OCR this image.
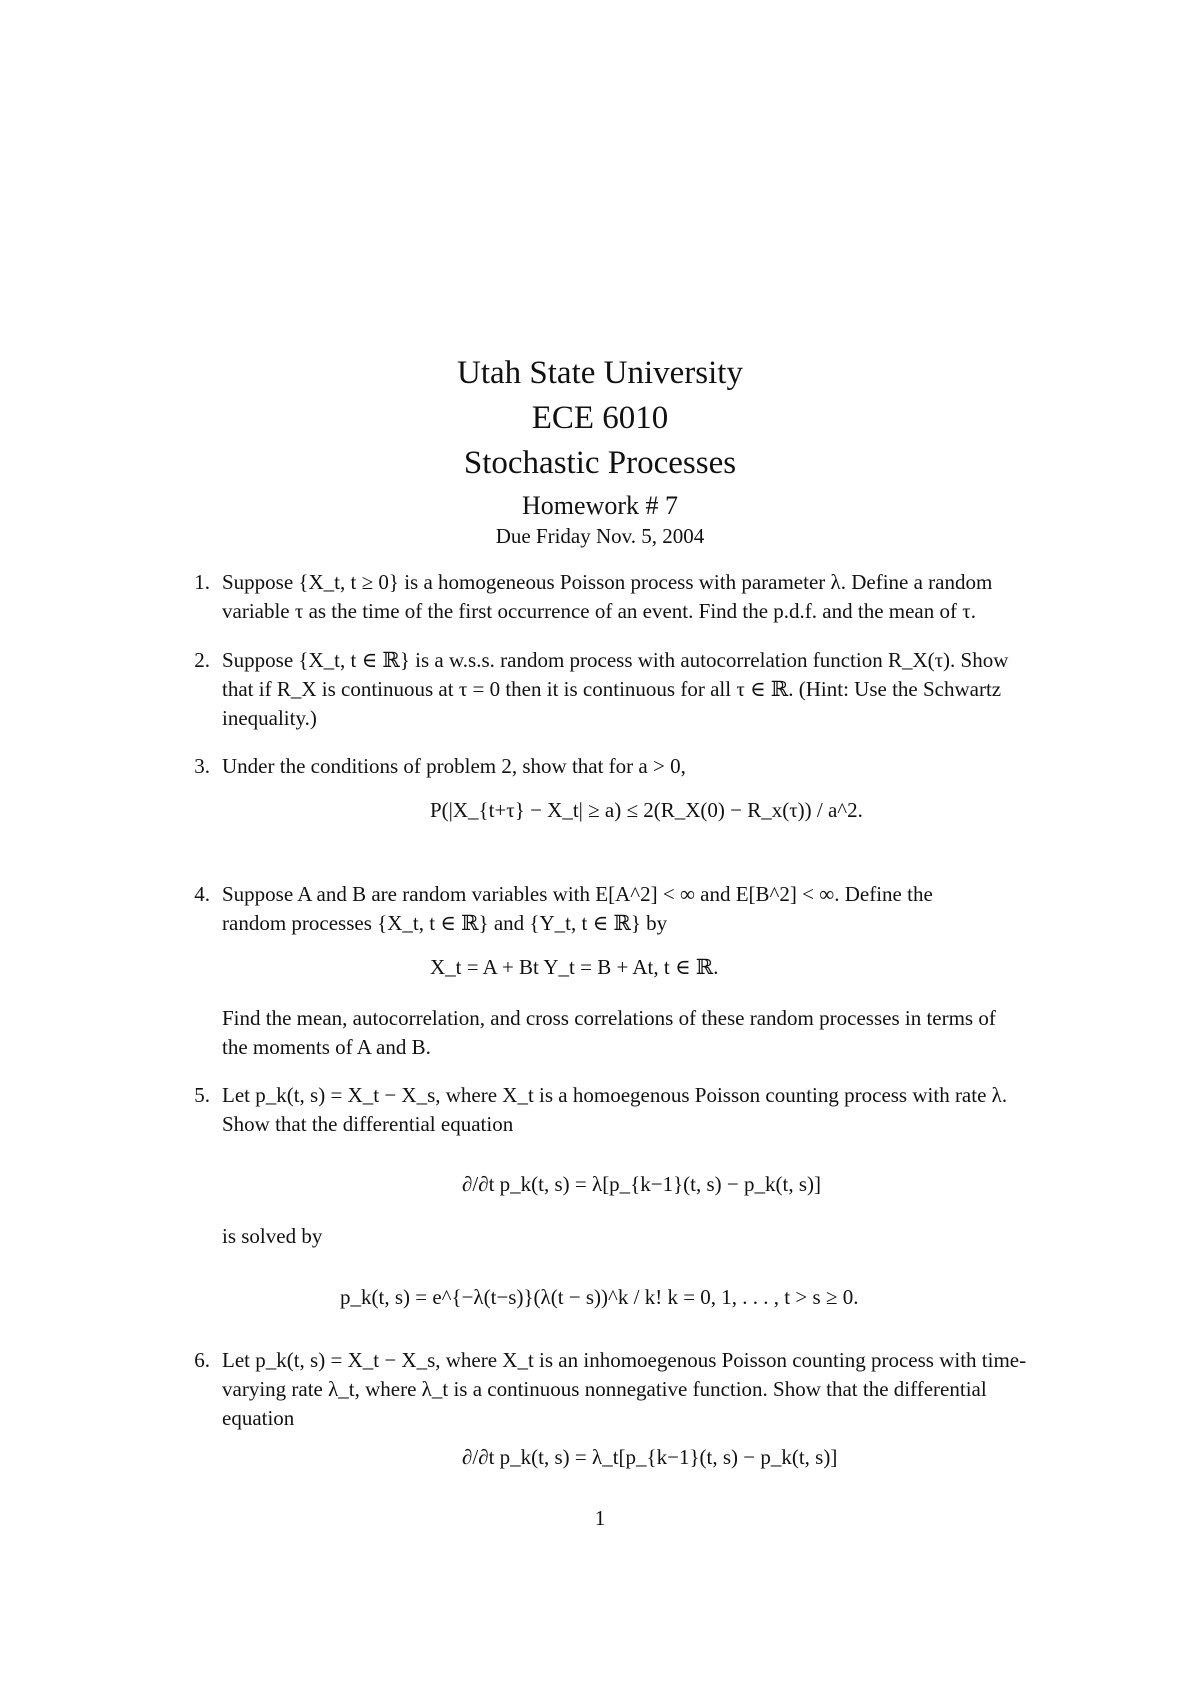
Utah State University
ECE 6010
Stochastic Processes
Homework # 7
Due Friday Nov. 5, 2004
1. Suppose {X_t, t ≥ 0} is a homogeneous Poisson process with parameter λ. Define a random
variable τ as the time of the first occurrence of an event. Find the p.d.f. and the mean of τ.
2. Suppose {X_t, t ∈ ℝ} is a w.s.s. random process with autocorrelation function R_X(τ). Show
that if R_X is continuous at τ = 0 then it is continuous for all τ ∈ ℝ. (Hint: Use the Schwartz
inequality.)
3. Under the conditions of problem 2, show that for a > 0,
P(|X_{t+τ} − X_t| ≥ a) ≤ 2(R_X(0) − R_x(τ)) / a^2.
4. Suppose A and B are random variables with E[A^2] < ∞ and E[B^2] < ∞. Define the
random processes {X_t, t ∈ ℝ} and {Y_t, t ∈ ℝ} by
X_t = A + Bt Y_t = B + At, t ∈ ℝ.
Find the mean, autocorrelation, and cross correlations of these random processes in terms of
the moments of A and B.
5. Let p_k(t, s) = X_t − X_s, where X_t is a homoegenous Poisson counting process with rate λ.
Show that the differential equation
∂/∂t p_k(t, s) = λ[p_{k−1}(t, s) − p_k(t, s)]
is solved by
p_k(t, s) = e^{−λ(t−s)}(λ(t − s))^k / k! k = 0, 1, . . . , t > s ≥ 0.
6. Let p_k(t, s) = X_t − X_s, where X_t is an inhomoegenous Poisson counting process with time-
varying rate λ_t, where λ_t is a continuous nonnegative function. Show that the differential
equation
∂/∂t p_k(t, s) = λ_t[p_{k−1}(t, s) − p_k(t, s)]
1
